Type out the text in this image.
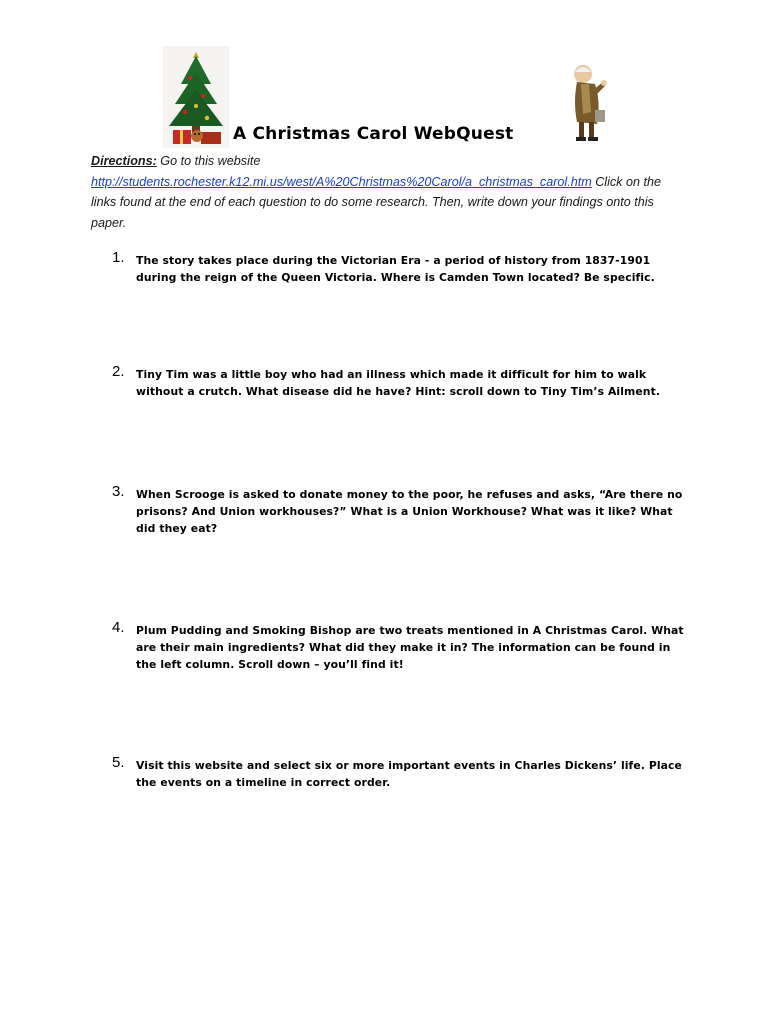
A Christmas Carol WebQuest
Directions: Go to this website
http://students.rochester.k12.mi.us/west/A%20Christmas%20Carol/a_christmas_carol.htm Click on the links found at the end of each question to do some research. Then, write down your findings onto this paper.
1. The story takes place during the Victorian Era - a period of history from 1837-1901 during the reign of the Queen Victoria. Where is Camden Town located? Be specific.
2. Tiny Tim was a little boy who had an illness which made it difficult for him to walk without a crutch. What disease did he have? Hint: scroll down to Tiny Tim’s Ailment.
3. When Scrooge is asked to donate money to the poor, he refuses and asks, “Are there no prisons? And Union workhouses?” What is a Union Workhouse? What was it like? What did they eat?
4. Plum Pudding and Smoking Bishop are two treats mentioned in A Christmas Carol. What are their main ingredients? What did they make it in? The information can be found in the left column. Scroll down – you’ll find it!
5. Visit this website and select six or more important events in Charles Dickens’ life. Place the events on a timeline in correct order.
